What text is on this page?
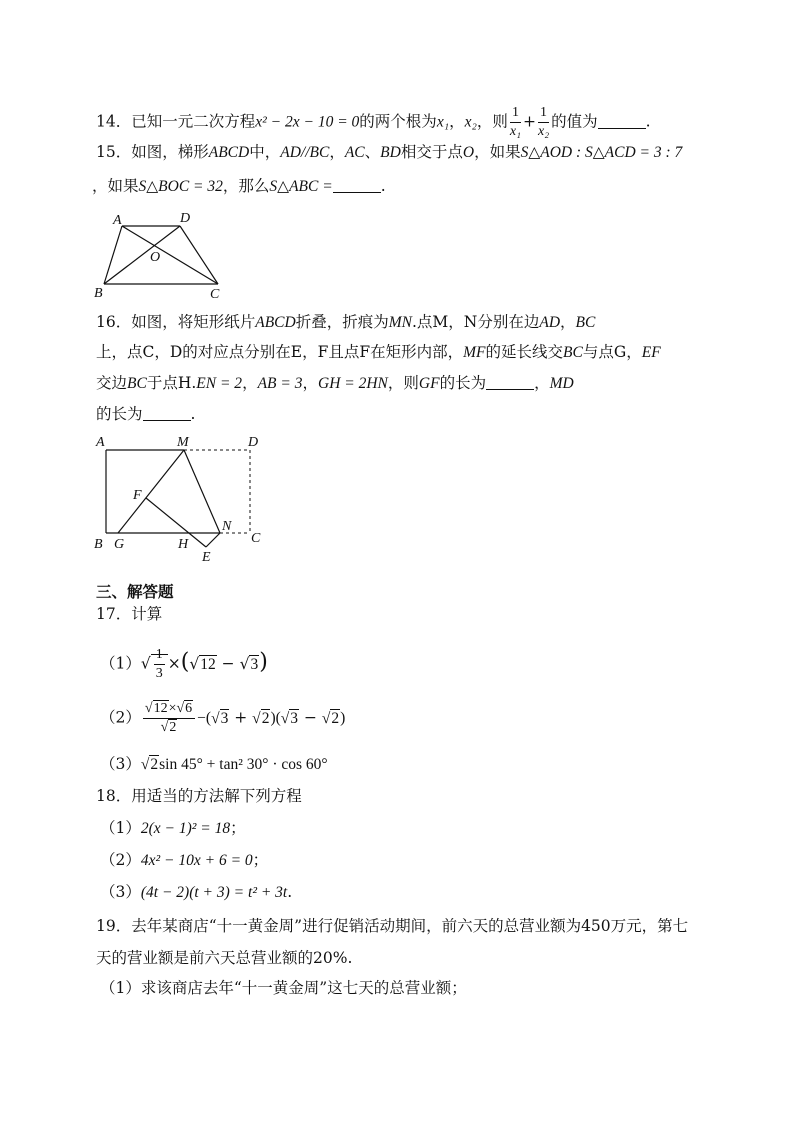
14．已知一元二次方程x² − 2x − 10 = 0的两个根为x₁，x₂，则 $\frac{1}{\text{x₁}} + \frac{1}{\text{x₂}}$ 的值为	.
15．如图，梯形ABCD中，AD//BC，AC、BD相交于点O，如果S△AOD : S△ACD = 3 : 7
，如果S△BOC = 32，那么S△ABC =	.
A	D
O
B	C
16．如图，将矩形纸片ABCD折叠，折痕为MN.点M，N分别在边AD，BC
上，点C，D的对应点分别在E，F且点F在矩形内部，MF的延长线交BC与点G，EF
交边BC于点H.EN = 2，AB = 3，GH = 2HN，则GF的长为	，MD
的长为	.
A	M	D
F
N
C
B G	H
E
三、解答题
17．计算
$(1)√ \frac{1}{3} \times(√12 - √3)$
$(2) \frac{√12\times√6}{√2} -(√3 + √2)(√3 - √2)$
（3）√2sin 45° + tan² 30° · cos 60°
18．用适当的方法解下列方程
（1）2(x − 1)² = 18；
（2）4x² − 10x + 6 = 0；
（3）(4t − 2)(t + 3) = t² + 3t.
19．去年某商店“十一黄金周”进行促销活动期间，前六天的总营业额为450万元，第七
天的营业额是前六天总营业额的20%.
（1）求该商店去年“十一黄金周”这七天的总营业额；
